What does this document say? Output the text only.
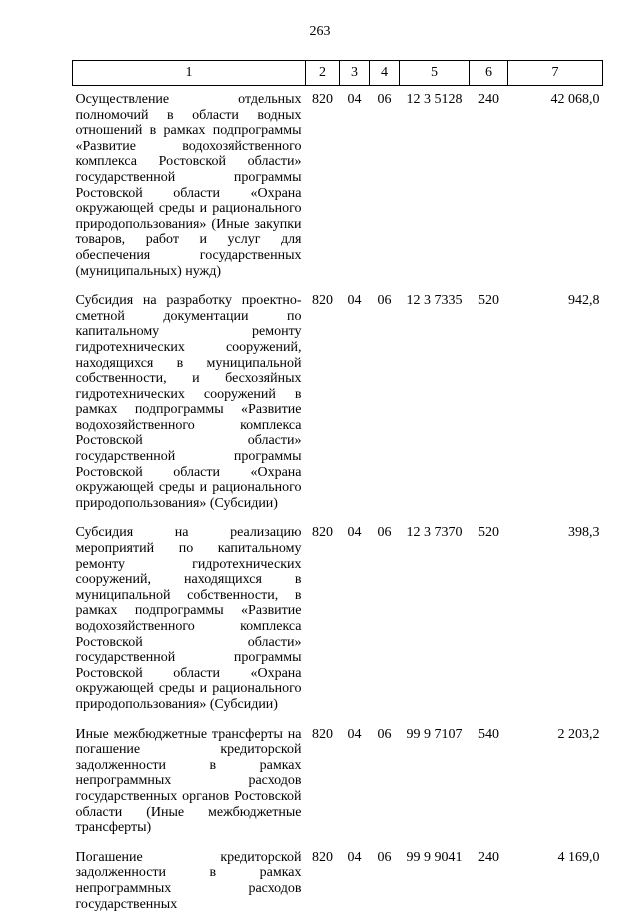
263
1	2	3	4	5	6	7
Осуществление отдельных полномочий в области водных отношений в рамках подпрограммы «Развитие водохозяйственного комплекса Ростовской области» государственной программы Ростовской области «Охрана окружающей среды и рационального природопользования» (Иные закупки товаров, работ и услуг для обеспечения государственных (муниципальных) нужд)	820	04	06	12 3 5128	240	42 068,0
Субсидия на разработку проектно-сметной документации по капитальному ремонту гидротехнических сооружений, находящихся в муниципальной собственности, и бесхозяйных гидротехнических сооружений в рамках подпрограммы «Развитие водохозяйственного комплекса Ростовской области» государственной программы Ростовской области «Охрана окружающей среды и рационального природопользования» (Субсидии)	820	04	06	12 3 7335	520	942,8
Субсидия на реализацию мероприятий по капитальному ремонту гидротехнических сооружений, находящихся в муниципальной собственности, в рамках подпрограммы «Развитие водохозяйственного комплекса Ростовской области» государственной программы Ростовской области «Охрана окружающей среды и рационального природопользования» (Субсидии)	820	04	06	12 3 7370	520	398,3
Иные межбюджетные трансферты на погашение кредиторской задолженности в рамках непрограммных расходов государственных органов Ростовской области (Иные межбюджетные трансферты)	820	04	06	99 9 7107	540	2 203,2
Погашение кредиторской задолженности в рамках непрограммных расходов государственных	820	04	06	99 9 9041	240	4 169,0
